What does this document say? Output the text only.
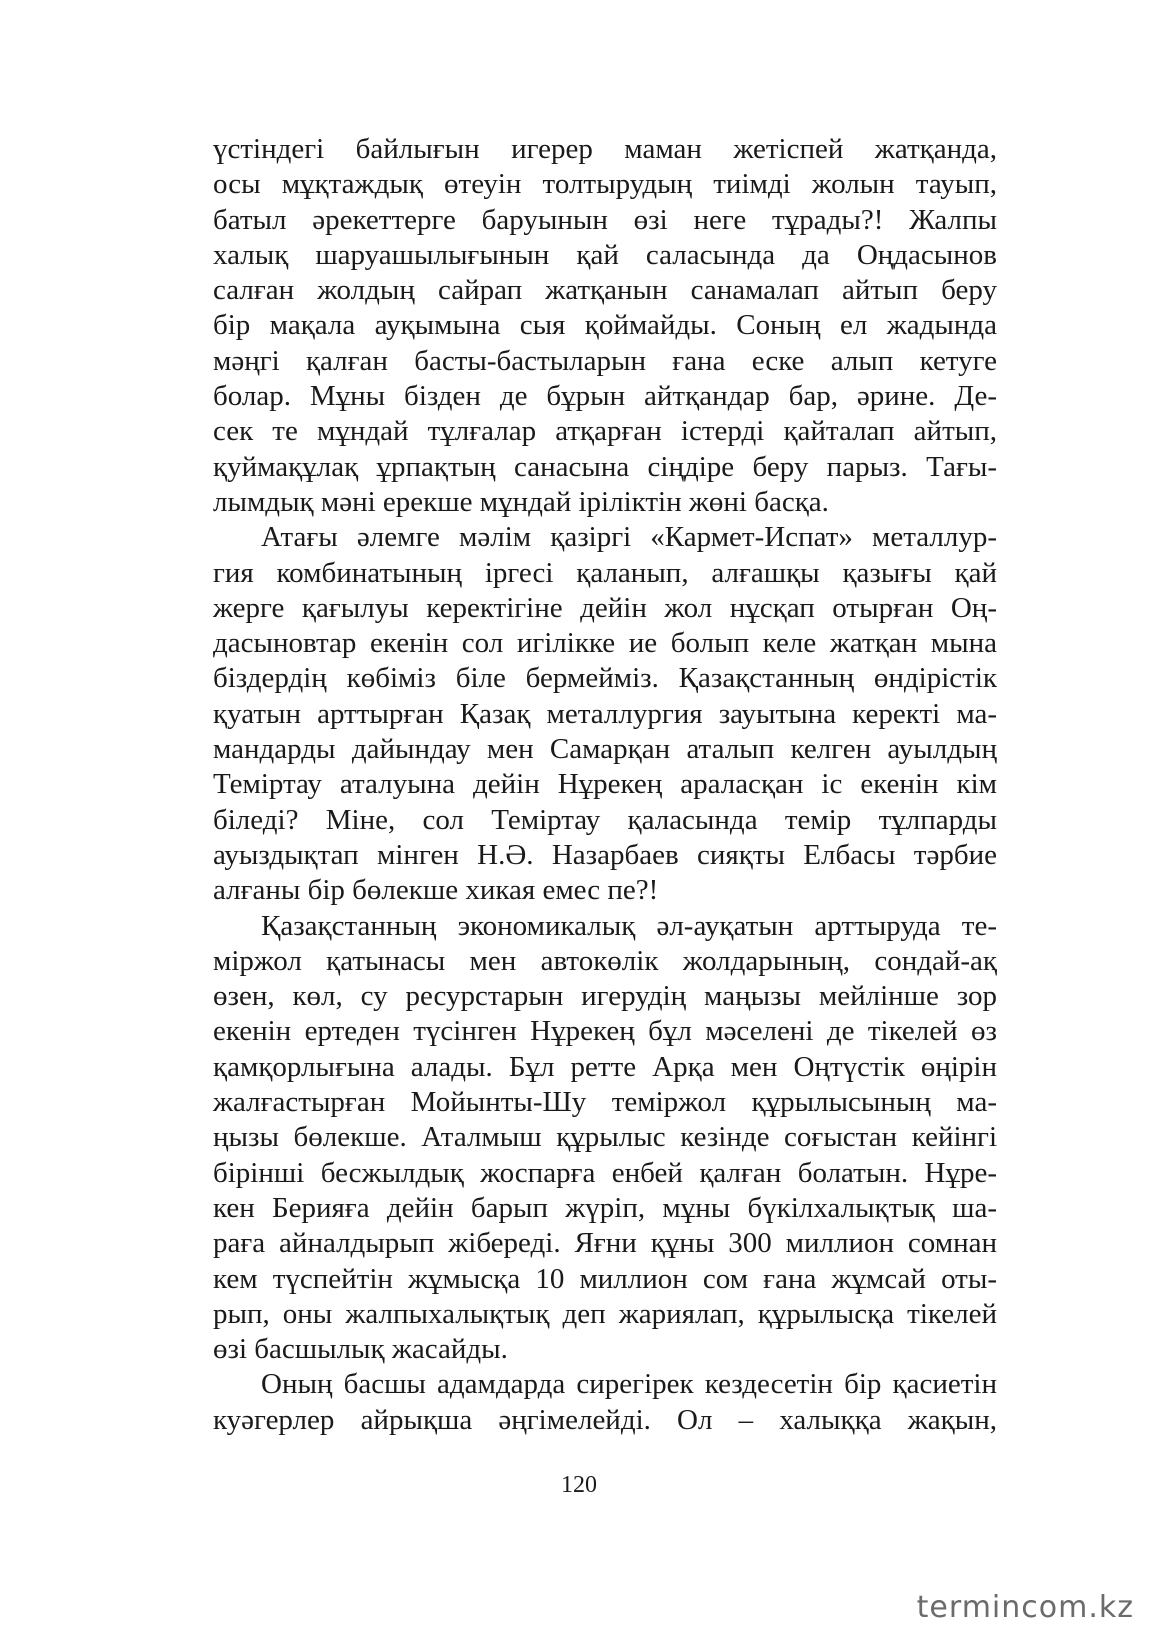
үстіндегі байлығын игерер маман жетіспей жатқанда,
осы мұқтаждық өтеуін толтырудың тиімді жолын тауып,
батыл әрекеттерге баруынын өзі неге тұрады?! Жалпы
халық шаруашылығынын қай саласында да Оңдасынов
салған жолдың сайрап жатқанын санамалап айтып беру
бір мақала ауқымына сыя қоймайды. Соның ел жадында
мәңгі қалған басты-бастыларын ғана еске алып кетуге
болар. Мұны бізден де бұрын айтқандар бар, әрине. Де-
сек те мұндай тұлғалар атқарған істерді қайталап айтып,
қуймақұлақ ұрпақтың санасына сіңдіре беру парыз. Тағы-
лымдық мәні ерекше мұндай іріліктін жөні басқа.
Атағы әлемге мәлім қазіргі «Кармет-Испат» металлур-
гия комбинатының іргесі қаланып, алғашқы қазығы қай
жерге қағылуы керектігіне дейін жол нұсқап отырған Оң-
дасыновтар екенін сол игілікке ие болып келе жатқан мына
біздердің көбіміз біле бермейміз. Қазақстанның өндірістік
қуатын арттырған Қазақ металлургия зауытына керекті ма-
мандарды дайындау мен Самарқан аталып келген ауылдың
Теміртау аталуына дейін Нұрекең араласқан іс екенін кім
біледі? Міне, сол Теміртау қаласында темір тұлпарды
ауыздықтап мінген Н.Ә. Назарбаев сияқты Елбасы тәрбие
алғаны бір бөлекше хикая емес пе?!
Қазақстанның экономикалық әл-ауқатын арттыруда те-
міржол қатынасы мен автокөлік жолдарының, сондай-ақ
өзен, көл, су ресурстарын игерудің маңызы мейлінше зор
екенін ертеден түсінген Нұрекең бұл мәселені де тікелей өз
қамқорлығына алады. Бұл ретте Арқа мен Оңтүстік өңірін
жалғастырған Мойынты-Шу теміржол құрылысының ма-
ңызы бөлекше. Аталмыш құрылыс кезінде соғыстан кейінгі
бірінші бесжылдық жоспарға енбей қалған болатын. Нұре-
кен Берияға дейін барып жүріп, мұны бүкілхалықтық ша-
раға айналдырып жібереді. Яғни құны 300 миллион сомнан
кем түспейтін жұмысқа 10 миллион сом ғана жұмсай оты-
рып, оны жалпыхалықтық деп жариялап, құрылысқа тікелей
өзі басшылық жасайды.
Оның басшы адамдарда сирегірек кездесетін бір қасиетін
куәгерлер айрықша әңгімелейді. Ол – халыққа жақын,
120
termincom.kz
